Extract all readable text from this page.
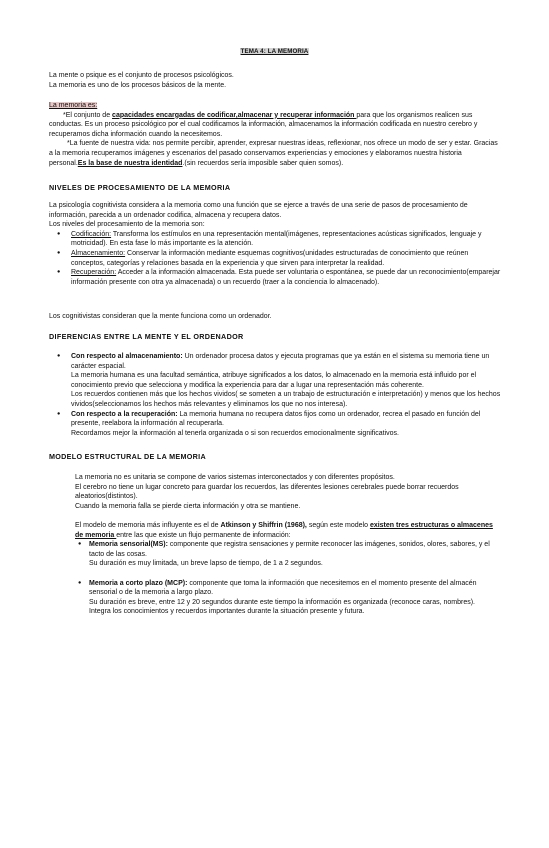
TEMA 4: LA MEMORIA

La mente o psique es el conjunto de procesos psicológicos.

La memoria es uno de los procesos básicos de la mente.

La memoria es:

*El conjunto de capacidades encargadas de codificar,almacenar y recuperar información para que los organismos realicen sus conductas. Es un proceso psicológico por el cual codificamos la información, almacenamos la información codificada en nuestro cerebro y recuperamos dicha información cuando la necesitemos.

*La fuente de nuestra vida: nos permite percibir, aprender, expresar nuestras ideas, reflexionar, nos ofrece un modo de ser y estar. Gracias a la memoria recuperamos imágenes y escenarios del pasado conservamos experiencias y emociones y elaboramos nuestra historia personal.Es la base de nuestra identidad.(sin recuerdos sería imposible saber quien somos).

NIVELES DE PROCESAMIENTO DE LA MEMORIA

La psicología cognitivista considera a la memoria como una función que se ejerce a través de una serie de pasos de procesamiento de información, parecida a un ordenador codifica, almacena y recupera datos.

Los niveles del procesamiento de la memoria son:

● Codificación: Transforma los estímulos en una representación mental(imágenes, representaciones acústicas significados, lenguaje y motricidad). En esta fase lo más importante es la atención.
● Almacenamiento: Conservar la información mediante esquemas cognitivos(unidades estructuradas de conocimiento que reúnen conceptos, categorías y relaciones basada en la experiencia y que sirven para interpretar la realidad.
● Recuperación: Acceder a la información almacenada. Esta puede ser voluntaria o espontánea, se puede dar un reconocimiento(emparejar información presente con otra ya almacenada) o un recuerdo (traer a la conciencia lo almacenado).

Los cognitivistas consideran que la mente funciona como un ordenador.

DIFERENCIAS ENTRE LA MENTE Y EL ORDENADOR

● Con respecto al almacenamiento: Un ordenador procesa datos y ejecuta programas que ya están en el sistema su memoria tiene un carácter espacial.

La memoria humana es una facultad semántica, atribuye significados a los datos, lo almacenado en la memoria está influido por el conocimiento previo que selecciona y modifica la experiencia para dar a lugar una representación más coherente.

Los recuerdos contienen más que los hechos vividos( se someten a un trabajo de estructuración e interpretación) y menos que los hechos vividos(seleccionamos los hechos más relevantes y eliminamos los que no nos interesa).

● Con respecto a la recuperación: La memoria humana no recupera datos fijos como un ordenador, recrea el pasado en función del presente, reelabora la información al recuperarla.

Recordamos mejor la información al tenerla organizada o si son recuerdos emocionalmente significativos.

MODELO ESTRUCTURAL DE LA MEMORIA

La memoria no es unitaria se compone de varios sistemas interconectados y con diferentes propósitos.

El cerebro no tiene un lugar concreto para guardar los recuerdos, las diferentes lesiones cerebrales puede borrar recuerdos aleatorios(distintos).

Cuando la memoria falla se pierde cierta información y otra se mantiene.

El modelo de memoria más influyente es el de Atkinson y Shiffrin (1968), según este modelo existen tres estructuras o almacenes de memoria entre las que existe un flujo permanente de información:

● Memoria sensorial(MS): componente que registra sensaciones y permite reconocer las imágenes, sonidos, olores, sabores, y el tacto de las cosas.

Su duración es muy limitada, un breve lapso de tiempo, de 1 a 2 segundos.

● Memoria a corto plazo (MCP): componente que toma la información que necesitemos en el momento presente del almacén sensorial o de la memoria a largo plazo.

Su duración es breve, entre 12 y 20 segundos durante este tiempo la información es organizada (reconoce caras, nombres).

Integra los conocimientos y recuerdos importantes durante la situación presente y futura.
